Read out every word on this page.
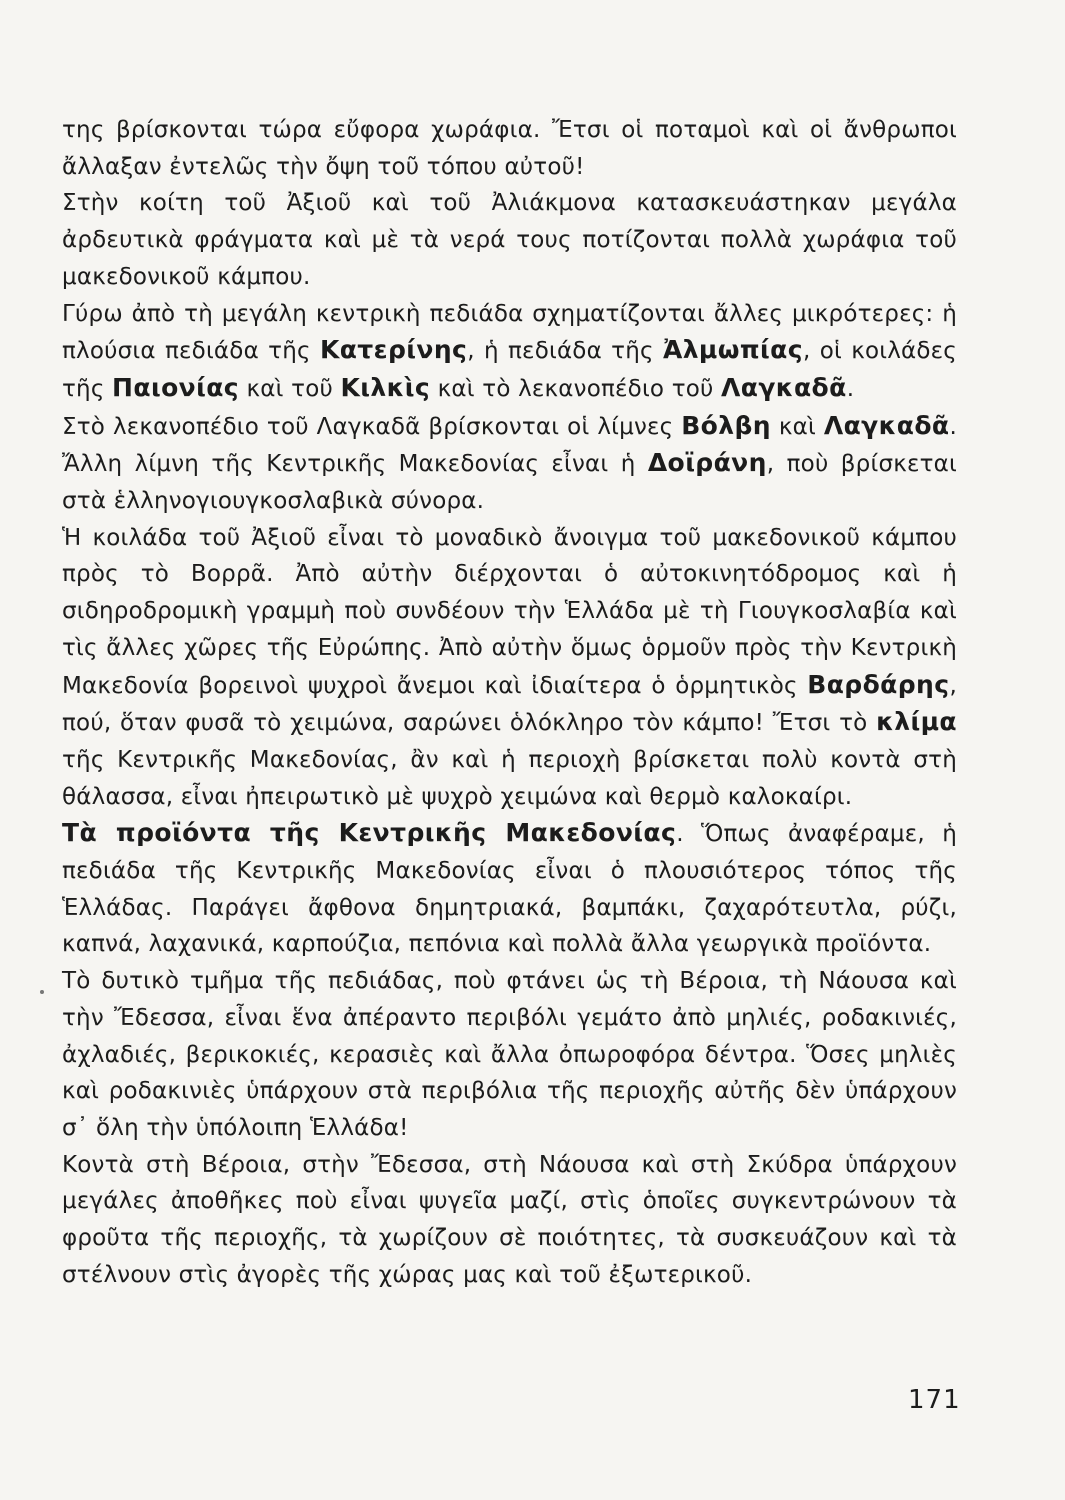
της βρίσκονται τώρα εὔφορα χωράφια. Ἔτσι οἱ ποταμοὶ καὶ οἱ ἄνθρωποι ἄλλαξαν ἐντελῶς τὴν ὄψη τοῦ τόπου αὐτοῦ!

Στὴν κοίτη τοῦ Ἀξιοῦ καὶ τοῦ Ἀλιάκμονα κατασκευάστηκαν μεγάλα ἀρδευτικὰ φράγματα καὶ μὲ τὰ νερά τους ποτίζονται πολλὰ χωράφια τοῦ μακεδονικοῦ κάμπου.

Γύρω ἀπὸ τὴ μεγάλη κεντρικὴ πεδιάδα σχηματίζονται ἄλλες μικρότερες: ἡ πλούσια πεδιάδα τῆς Κατερίνης, ἡ πεδιάδα τῆς Ἀλμωπίας, οἱ κοιλάδες τῆς Παιονίας καὶ τοῦ Κιλκὶς καὶ τὸ λεκανοπέδιο τοῦ Λαγκαδᾶ.

Στὸ λεκανοπέδιο τοῦ Λαγκαδᾶ βρίσκονται οἱ λίμνες Βόλβη καὶ Λαγκαδᾶ. Ἄλλη λίμνη τῆς Κεντρικῆς Μακεδονίας εἶναι ἡ Δοϊράνη, ποὺ βρίσκεται στὰ ἑλληνογιουγκοσλαβικὰ σύνορα.

Ἡ κοιλάδα τοῦ Ἀξιοῦ εἶναι τὸ μοναδικὸ ἄνοιγμα τοῦ μακεδονικοῦ κάμπου πρὸς τὸ Βορρᾶ. Ἀπὸ αὐτὴν διέρχονται ὁ αὐτοκινητόδρομος καὶ ἡ σιδηροδρομικὴ γραμμὴ ποὺ συνδέουν τὴν Ἑλλάδα μὲ τὴ Γιουγκοσλαβία καὶ τὶς ἄλλες χῶρες τῆς Εὐρώπης. Ἀπὸ αὐτὴν ὅμως ὁρμοῦν πρὸς τὴν Κεντρικὴ Μακεδονία βορεινοὶ ψυχροὶ ἄνεμοι καὶ ἰδιαίτερα ὁ ὁρμητικὸς Βαρδάρης, πού, ὅταν φυσᾶ τὸ χειμώνα, σαρώνει ὁλόκληρο τὸν κάμπο! Ἔτσι τὸ κλίμα τῆς Κεντρικῆς Μακεδονίας, ἂν καὶ ἡ περιοχὴ βρίσκεται πολὺ κοντὰ στὴ θάλασσα, εἶναι ἠπειρωτικὸ μὲ ψυχρὸ χειμώνα καὶ θερμὸ καλοκαίρι.

Τὰ προϊόντα τῆς Κεντρικῆς Μακεδονίας. Ὅπως ἀναφέραμε, ἡ πεδιάδα τῆς Κεντρικῆς Μακεδονίας εἶναι ὁ πλουσιότερος τόπος τῆς Ἑλλάδας. Παράγει ἄφθονα δημητριακά, βαμπάκι, ζαχαρότευτλα, ρύζι, καπνά, λαχανικά, καρπούζια, πεπόνια καὶ πολλὰ ἄλλα γεωργικὰ προϊόντα.

Τὸ δυτικὸ τμῆμα τῆς πεδιάδας, ποὺ φτάνει ὡς τὴ Βέροια, τὴ Νάουσα καὶ τὴν Ἔδεσσα, εἶναι ἕνα ἀπέραντο περιβόλι γεμάτο ἀπὸ μηλιές, ροδακινιές, ἀχλαδιές, βερικοκιές, κερασιὲς καὶ ἄλλα ὀπωροφόρα δέντρα. Ὅσες μηλιὲς καὶ ροδακινιὲς ὑπάρχουν στὰ περιβόλια τῆς περιοχῆς αὐτῆς δὲν ὑπάρχουν σ᾿ ὅλη τὴν ὑπόλοιπη Ἑλλάδα!

Κοντὰ στὴ Βέροια, στὴν Ἔδεσσα, στὴ Νάουσα καὶ στὴ Σκύδρα ὑπάρχουν μεγάλες ἀποθῆκες ποὺ εἶναι ψυγεῖα μαζί, στὶς ὁποῖες συγκεντρώνουν τὰ φροῦτα τῆς περιοχῆς, τὰ χωρίζουν σὲ ποιότητες, τὰ συσκευάζουν καὶ τὰ στέλνουν στὶς ἀγορὲς τῆς χώρας μας καὶ τοῦ ἐξωτερικοῦ.

171
